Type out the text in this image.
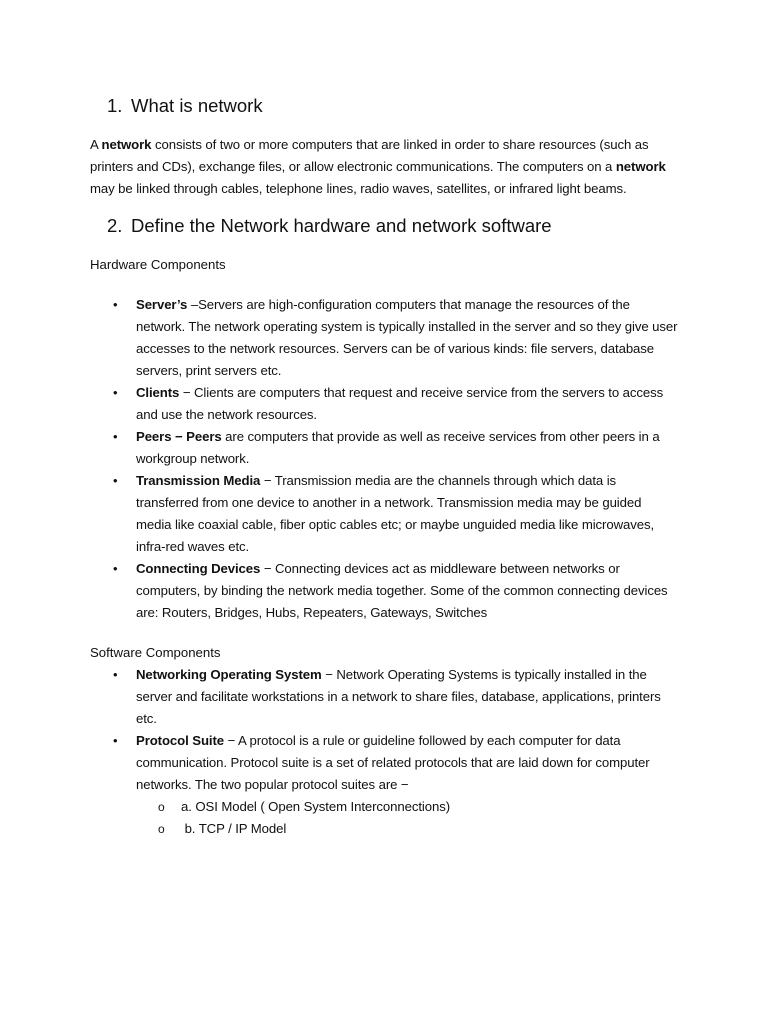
1. What is network

A network consists of two or more computers that are linked in order to share resources (such as printers and CDs), exchange files, or allow electronic communications. The computers on a network may be linked through cables, telephone lines, radio waves, satellites, or infrared light beams.

2. Define the Network hardware and network software
Hardware Components
• Server’s –Servers are high-configuration computers that manage the resources of the network. The network operating system is typically installed in the server and so they give user accesses to the network resources. Servers can be of various kinds: file servers, database servers, print servers etc.
• Clients − Clients are computers that request and receive service from the servers to access and use the network resources.
• Peers − Peers are computers that provide as well as receive services from other peers in a workgroup network.
• Transmission Media − Transmission media are the channels through which data is transferred from one device to another in a network. Transmission media may be guided media like coaxial cable, fiber optic cables etc; or maybe unguided media like microwaves, infra-red waves etc.
• Connecting Devices − Connecting devices act as middleware between networks or computers, by binding the network media together. Some of the common connecting devices are: Routers, Bridges, Hubs, Repeaters, Gateways, Switches
Software Components
• Networking Operating System − Network Operating Systems is typically installed in the server and facilitate workstations in a network to share files, database, applications, printers etc.
• Protocol Suite − A protocol is a rule or guideline followed by each computer for data communication. Protocol suite is a set of related protocols that are laid down for computer networks. The two popular protocol suites are −
o a. OSI Model ( Open System Interconnections)
o b. TCP / IP Model
